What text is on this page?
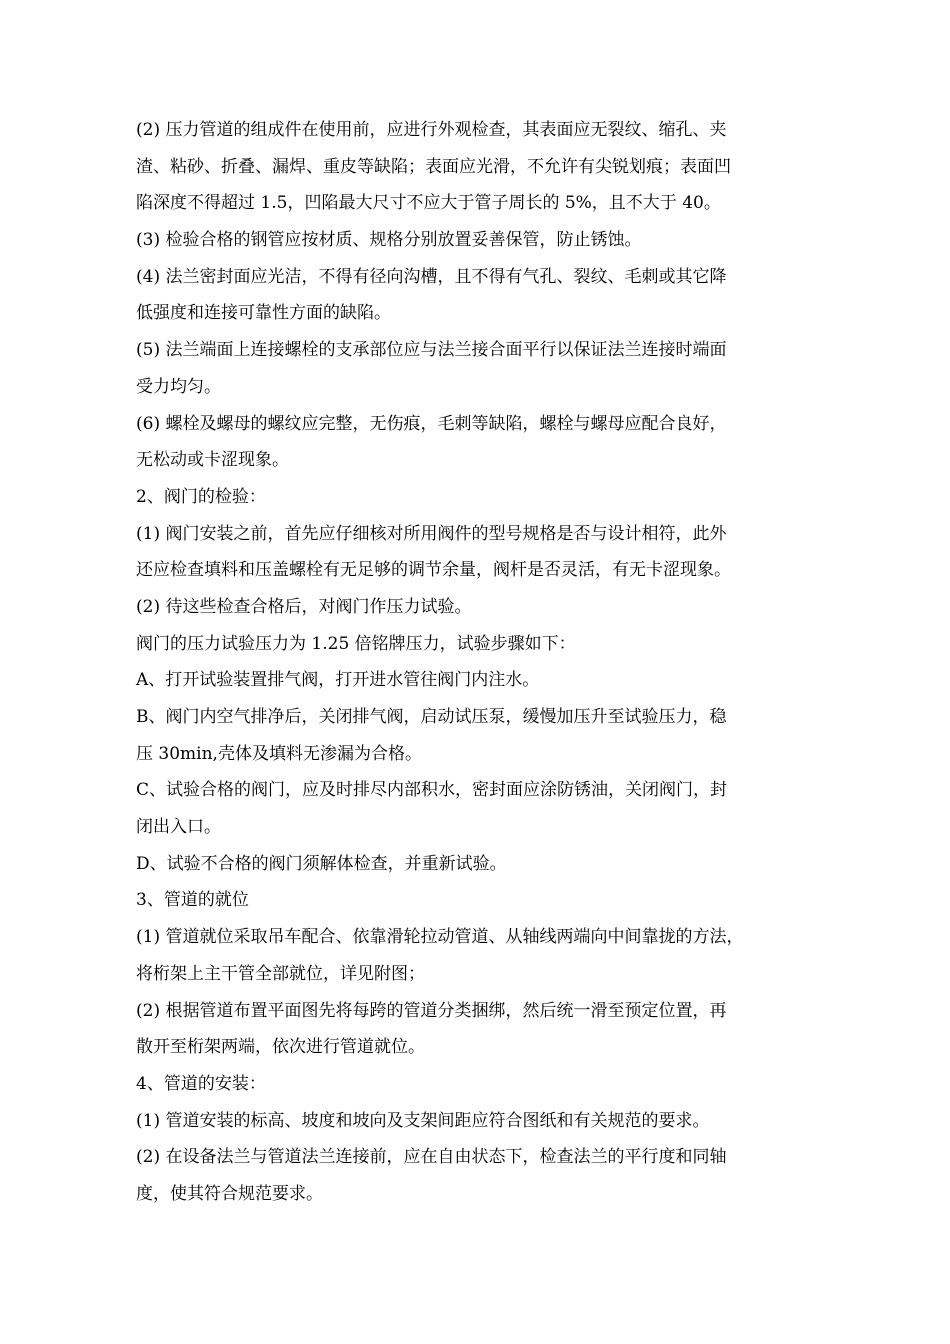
(2) 压力管道的组成件在使用前，应进行外观检查，其表面应无裂纹、缩孔、夹

渣、粘砂、折叠、漏焊、重皮等缺陷；表面应光滑，不允许有尖锐划痕；表面凹

陷深度不得超过 1.5，凹陷最大尺寸不应大于管子周长的 5%，且不大于 40。

(3) 检验合格的钢管应按材质、规格分别放置妥善保管，防止锈蚀。

(4) 法兰密封面应光洁，不得有径向沟槽，且不得有气孔、裂纹、毛刺或其它降

低强度和连接可靠性方面的缺陷。

(5) 法兰端面上连接螺栓的支承部位应与法兰接合面平行以保证法兰连接时端面

受力均匀。

(6) 螺栓及螺母的螺纹应完整，无伤痕，毛刺等缺陷，螺栓与螺母应配合良好，

无松动或卡涩现象。

2、阀门的检验：

(1) 阀门安装之前，首先应仔细核对所用阀件的型号规格是否与设计相符，此外

还应检查填料和压盖螺栓有无足够的调节余量，阀杆是否灵活，有无卡涩现象。

(2) 待这些检查合格后，对阀门作压力试验。

阀门的压力试验压力为 1.25 倍铭牌压力，试验步骤如下：

A、打开试验装置排气阀，打开进水管往阀门内注水。

B、阀门内空气排净后，关闭排气阀，启动试压泵，缓慢加压升至试验压力，稳

压 30min,壳体及填料无渗漏为合格。

C、试验合格的阀门，应及时排尽内部积水，密封面应涂防锈油，关闭阀门，封

闭出入口。

D、试验不合格的阀门须解体检查，并重新试验。

3、管道的就位

(1) 管道就位采取吊车配合、依靠滑轮拉动管道、从轴线两端向中间靠拢的方法，

将桁架上主干管全部就位，详见附图；

(2) 根据管道布置平面图先将每跨的管道分类捆绑，然后统一滑至预定位置，再

散开至桁架两端，依次进行管道就位。

4、管道的安装：

(1) 管道安装的标高、坡度和坡向及支架间距应符合图纸和有关规范的要求。

(2) 在设备法兰与管道法兰连接前，应在自由状态下，检查法兰的平行度和同轴

度，使其符合规范要求。
